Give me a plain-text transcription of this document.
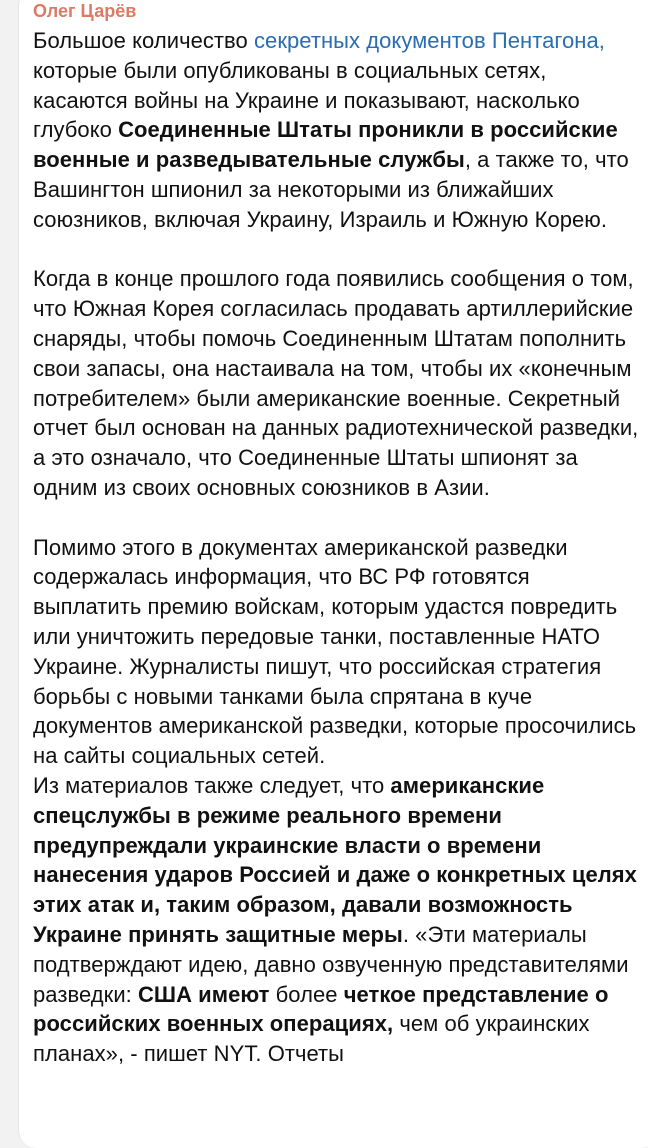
Олег Царёв

Большое количество секретных документов Пентагона, которые были опубликованы в социальных сетях, касаются войны на Украине и показывают, насколько глубоко Соединенные Штаты проникли в российские военные и разведывательные службы, а также то, что Вашингтон шпионил за некоторыми из ближайших союзников, включая Украину, Израиль и Южную Корею.

Когда в конце прошлого года появились сообщения о том, что Южная Корея согласилась продавать артиллерийские снаряды, чтобы помочь Соединенным Штатам пополнить свои запасы, она настаивала на том, чтобы их «конечным потребителем» были американские военные. Секретный отчет был основан на данных радиотехнической разведки, а это означало, что Соединенные Штаты шпионят за одним из своих основных союзников в Азии.

Помимо этого в документах американской разведки содержалась информация, что ВС РФ готовятся выплатить премию войскам, которым удастся повредить или уничтожить передовые танки, поставленные НАТО Украине. Журналисты пишут, что российская стратегия борьбы с новыми танками была спрятана в куче документов американской разведки, которые просочились на сайты социальных сетей.

Из материалов также следует, что американские спецслужбы в режиме реального времени предупреждали украинские власти о времени нанесения ударов Россией и даже о конкретных целях этих атак и, таким образом, давали возможность Украине принять защитные меры. «Эти материалы подтверждают идею, давно озвученную представителями разведки: США имеют более четкое представление о российских военных операциях, чем об украинских планах», - пишет NYT. Отчеты
